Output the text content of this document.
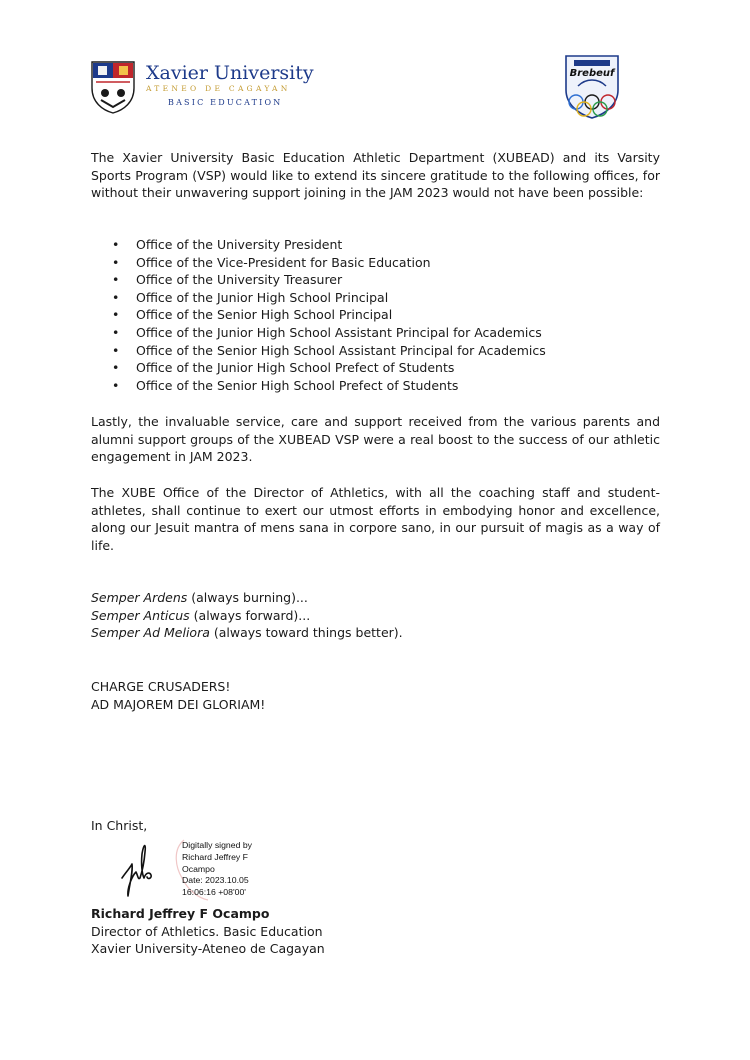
Xavier University
ATENEO DE CAGAYAN
BASIC EDUCATION
Brebeuf

The Xavier University Basic Education Athletic Department (XUBEAD) and its Varsity Sports Program (VSP) would like to extend its sincere gratitude to the following offices, for without their unwavering support joining in the JAM 2023 would not have been possible:

• Office of the University President
• Office of the Vice-President for Basic Education
• Office of the University Treasurer
• Office of the Junior High School Principal
• Office of the Senior High School Principal
• Office of the Junior High School Assistant Principal for Academics
• Office of the Senior High School Assistant Principal for Academics
• Office of the Junior High School Prefect of Students
• Office of the Senior High School Prefect of Students

Lastly, the invaluable service, care and support received from the various parents and alumni support groups of the XUBEAD VSP were a real boost to the success of our athletic engagement in JAM 2023.

The XUBE Office of the Director of Athletics, with all the coaching staff and student-athletes, shall continue to exert our utmost efforts in embodying honor and excellence, along our Jesuit mantra of mens sana in corpore sano, in our pursuit of magis as a way of life.

Semper Ardens (always burning)...
Semper Anticus (always forward)...
Semper Ad Meliora (always toward things better).
CHARGE CRUSADERS!
AD MAJOREM DEI GLORIAM!
In Christ,
Digitally signed by
Richard Jeffrey F
Ocampo
Date: 2023.10.05
16:06:16 +08'00'
Richard Jeffrey F Ocampo
Director of Athletics. Basic Education
Xavier University-Ateneo de Cagayan
